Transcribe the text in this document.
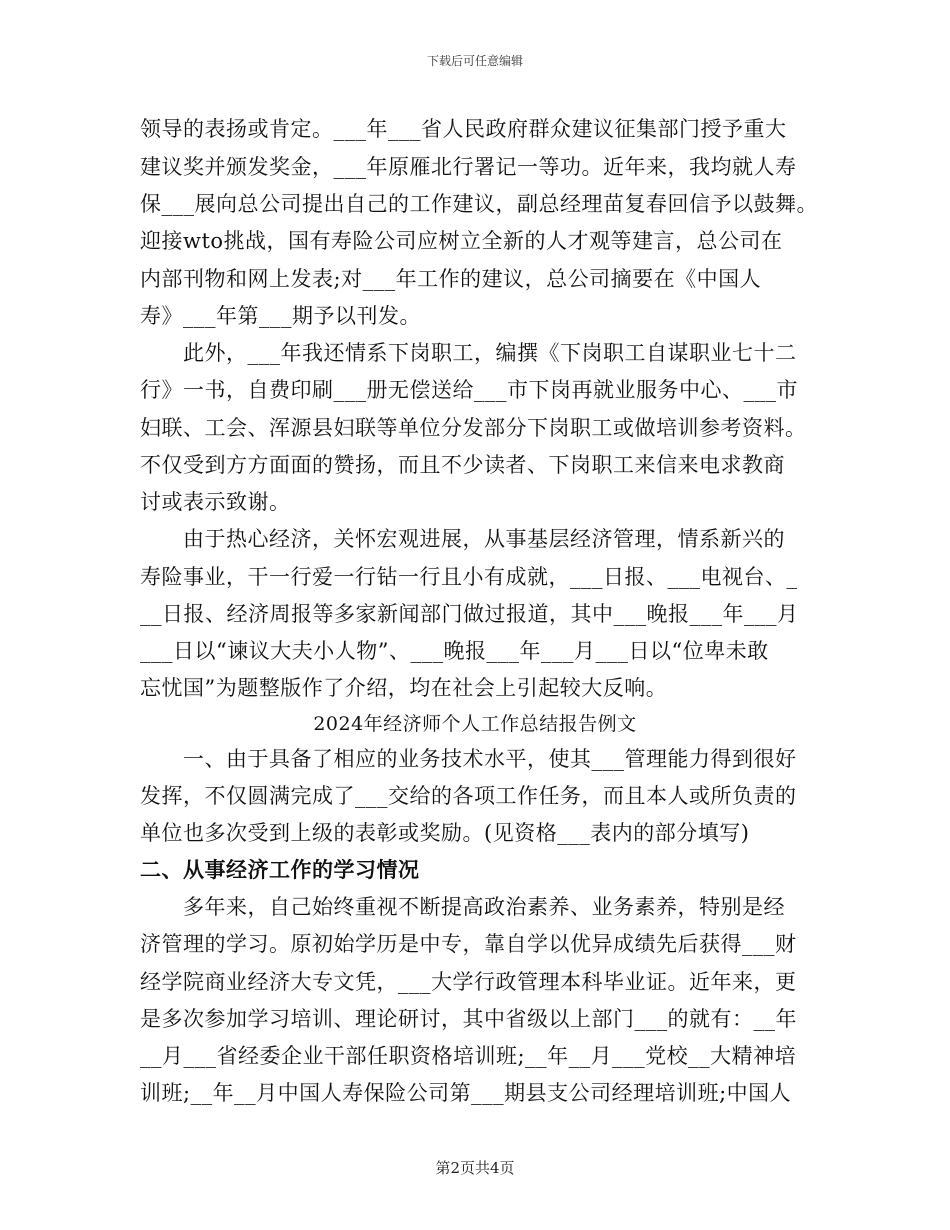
下载后可任意编辑
领导的表扬或肯定。___年___省人民政府群众建议征集部门授予重大
建议奖并颁发奖金，___年原雁北行署记一等功。近年来，我均就人寿
保___展向总公司提出自己的工作建议，副总经理苗复春回信予以鼓舞。
迎接wto挑战，国有寿险公司应树立全新的人才观等建言，总公司在
内部刊物和网上发表;对___年工作的建议，总公司摘要在《中国人
寿》___年第___期予以刊发。
　　此外，___年我还情系下岗职工，编撰《下岗职工自谋职业七十二
行》一书，自费印刷___册无偿送给___市下岗再就业服务中心、___市
妇联、工会、浑源县妇联等单位分发部分下岗职工或做培训参考资料。
不仅受到方方面面的赞扬，而且不少读者、下岗职工来信来电求教商
讨或表示致谢。
　　由于热心经济，关怀宏观进展，从事基层经济管理，情系新兴的
寿险事业，干一行爱一行钻一行且小有成就，___日报、___电视台、_
__日报、经济周报等多家新闻部门做过报道，其中___晚报___年___月
___日以“谏议大夫小人物”、___晚报___年___月___日以“位卑未敢
忘忧国”为题整版作了介绍，均在社会上引起较大反响。
2024年经济师个人工作总结报告例文
　　一、由于具备了相应的业务技术水平，使其___管理能力得到很好
发挥，不仅圆满完成了___交给的各项工作任务，而且本人或所负责的
单位也多次受到上级的表彰或奖励。(见资格___表内的部分填写)
二、从事经济工作的学习情况
　　多年来，自己始终重视不断提高政治素养、业务素养，特别是经
济管理的学习。原初始学历是中专，靠自学以优异成绩先后获得___财
经学院商业经济大专文凭，___大学行政管理本科毕业证。近年来，更
是多次参加学习培训、理论研讨，其中省级以上部门___的就有：__年
__月___省经委企业干部任职资格培训班;__年__月___党校__大精神培
训班;__年__月中国人寿保险公司第___期县支公司经理培训班;中国人
第2页共4页
